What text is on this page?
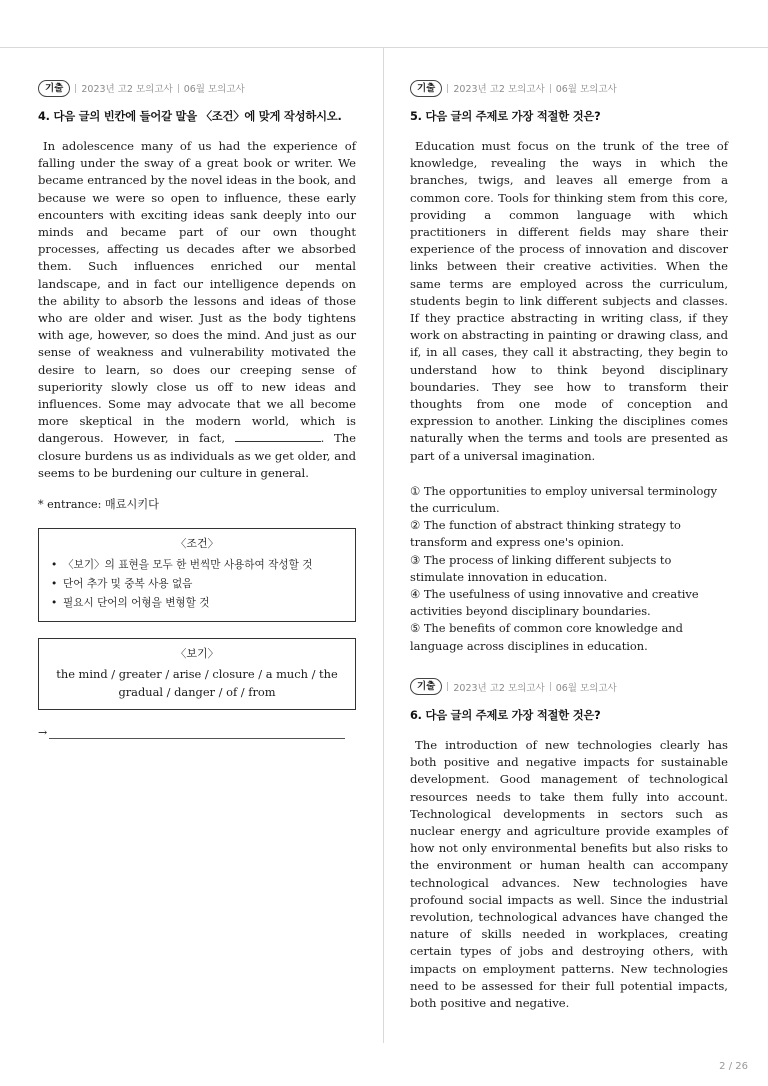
기출	2023년 고2 모의고사 06월 모의고사
4. 다음 글의 빈칸에 들어갈 말을 〈조건〉에 맞게 작성하시오.

In adolescence many of us had the experience of falling under the sway of a great book or writer. We became entranced by the novel ideas in the book, and because we were so open to influence, these early encounters with exciting ideas sank deeply into our minds and became part of our own thought processes, affecting us decades after we absorbed them. Such influences enriched our mental landscape, and in fact our intelligence depends on the ability to absorb the lessons and ideas of those who are older and wiser. Just as the body tightens with age, however, so does the mind. And just as our sense of weakness and vulnerability motivated the desire to learn, so does our creeping sense of superiority slowly close us off to new ideas and influences. Some may advocate that we all become more skeptical in the modern world, which is dangerous. However, in fact,	. The closure burdens us as individuals as we get older, and seems to be burdening our culture in general.

* entrance: 매료시키다

〈조건〉
• 〈보기〉의 표현을 모두 한 번씩만 사용하여 작성할 것
• 단어 추가 및 중복 사용 없음
• 필요시 단어의 어형을 변형할 것
〈보기〉
the mind / greater / arise / closure / a much / the gradual / danger / of / from
→
기출	2023년 고2 모의고사 06월 모의고사
5. 다음 글의 주제로 가장 적절한 것은?

Education must focus on the trunk of the tree of knowledge, revealing the ways in which the branches, twigs, and leaves all emerge from a common core. Tools for thinking stem from this core, providing a common language with which practitioners in different fields may share their experience of the process of innovation and discover links between their creative activities. When the same terms are employed across the curriculum, students begin to link different subjects and classes. If they practice abstracting in writing class, if they work on abstracting in painting or drawing class, and if, in all cases, they call it abstracting, they begin to understand how to think beyond disciplinary boundaries. They see how to transform their thoughts from one mode of conception and expression to another. Linking the disciplines comes naturally when the terms and tools are presented as part of a universal imagination.

① The opportunities to employ universal terminology the curriculum.

② The function of abstract thinking strategy to transform and express one's opinion.

③ The process of linking different subjects to stimulate innovation in education.

④ The usefulness of using innovative and creative activities beyond disciplinary boundaries.

⑤ The benefits of common core knowledge and language across disciplines in education.

기출	2023년 고2 모의고사 06월 모의고사
6. 다음 글의 주제로 가장 적절한 것은?

The introduction of new technologies clearly has both positive and negative impacts for sustainable development. Good management of technological resources needs to take them fully into account. Technological developments in sectors such as nuclear energy and agriculture provide examples of how not only environmental benefits but also risks to the environment or human health can accompany technological advances. New technologies have profound social impacts as well. Since the industrial revolution, technological advances have changed the nature of skills needed in workplaces, creating certain types of jobs and destroying others, with impacts on employment patterns. New technologies need to be assessed for their full potential impacts, both positive and negative.

2 / 26
